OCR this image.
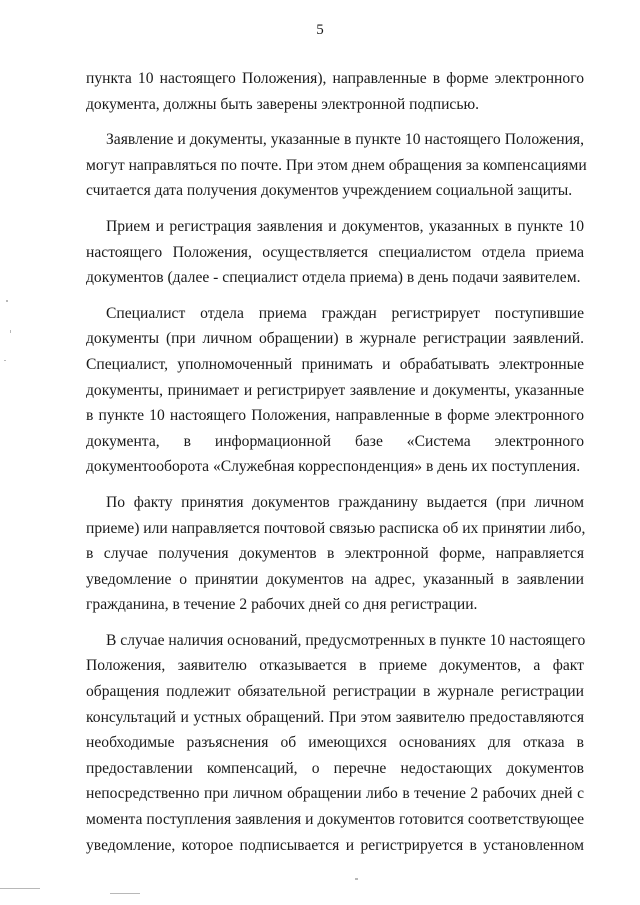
5
пункта 10 настоящего Положения), направленные в форме электронного
документа, должны быть заверены электронной подписью.
Заявление и документы, указанные в пункте 10 настоящего Положения,
могут направляться по почте. При этом днем обращения за компенсациями
считается дата получения документов учреждением социальной защиты.
Прием и регистрация заявления и документов, указанных в пункте 10
настоящего Положения, осуществляется специалистом отдела приема
документов (далее - специалист отдела приема) в день подачи заявителем.
Специалист отдела приема граждан регистрирует поступившие
документы (при личном обращении) в журнале регистрации заявлений.
Специалист, уполномоченный принимать и обрабатывать электронные
документы, принимает и регистрирует заявление и документы, указанные
в пункте 10 настоящего Положения, направленные в форме электронного
документа, в информационной базе «Система электронного
документооборота «Служебная корреспонденция» в день их поступления.
По факту принятия документов гражданину выдается (при личном
приеме) или направляется почтовой связью расписка об их принятии либо,
в случае получения документов в электронной форме, направляется
уведомление о принятии документов на адрес, указанный в заявлении
гражданина, в течение 2 рабочих дней со дня регистрации.
В случае наличия оснований, предусмотренных в пункте 10 настоящего
Положения, заявителю отказывается в приеме документов, а факт
обращения подлежит обязательной регистрации в журнале регистрации
консультаций и устных обращений. При этом заявителю предоставляются
необходимые разъяснения об имеющихся основаниях для отказа в
предоставлении компенсаций, о перечне недостающих документов
непосредственно при личном обращении либо в течение 2 рабочих дней с
момента поступления заявления и документов готовится соответствующее
уведомление, которое подписывается и регистрируется в установленном
